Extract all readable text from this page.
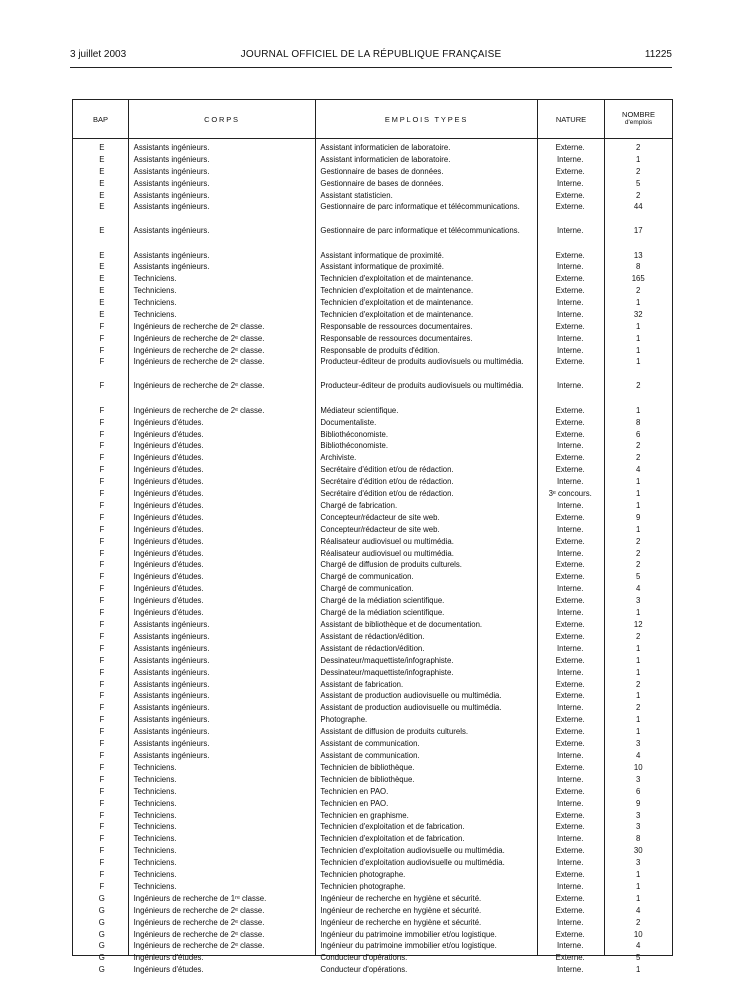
3 juillet 2003	JOURNAL OFFICIEL DE LA RÉPUBLIQUE FRANÇAISE	11225
BAP	CORPS	EMPLOIS TYPES	NATURE	NOMBRE
d'emplois
E	Assistants ingénieurs.	Assistant informaticien de laboratoire.	Externe.	2
E	Assistants ingénieurs.	Assistant informaticien de laboratoire.	Interne.	1
E	Assistants ingénieurs.	Gestionnaire de bases de données.	Externe.	2
E	Assistants ingénieurs.	Gestionnaire de bases de données.	Interne.	5
E	Assistants ingénieurs.	Assistant statisticien.	Externe.	2
E	Assistants ingénieurs.	Gestionnaire de parc informatique et télécommunications.	Externe.	44
E	Assistants ingénieurs.	Gestionnaire de parc informatique et télécommunications.	Interne.	17
E	Assistants ingénieurs.	Assistant informatique de proximité.	Externe.	13
E	Assistants ingénieurs.	Assistant informatique de proximité.	Interne.	8
E	Techniciens.	Technicien d'exploitation et de maintenance.	Externe.	165
E	Techniciens.	Technicien d'exploitation et de maintenance.	Externe.	2
E	Techniciens.	Technicien d'exploitation et de maintenance.	Interne.	1
E	Techniciens.	Technicien d'exploitation et de maintenance.	Interne.	32
F	Ingénieurs de recherche de 2ᵉ classe.	Responsable de ressources documentaires.	Externe.	1
F	Ingénieurs de recherche de 2ᵉ classe.	Responsable de ressources documentaires.	Interne.	1
F	Ingénieurs de recherche de 2ᵉ classe.	Responsable de produits d'édition.	Interne.	1
F	Ingénieurs de recherche de 2ᵉ classe.	Producteur-éditeur de produits audiovisuels ou multimédia.	Externe.	1
F	Ingénieurs de recherche de 2ᵉ classe.	Producteur-éditeur de produits audiovisuels ou multimédia.	Interne.	2
F	Ingénieurs de recherche de 2ᵉ classe.	Médiateur scientifique.	Externe.	1
F	Ingénieurs d'études.	Documentaliste.	Externe.	8
F	Ingénieurs d'études.	Bibliothéconomiste.	Externe.	6
F	Ingénieurs d'études.	Bibliothéconomiste.	Interne.	2
F	Ingénieurs d'études.	Archiviste.	Externe.	2
F	Ingénieurs d'études.	Secrétaire d'édition et/ou de rédaction.	Externe.	4
F	Ingénieurs d'études.	Secrétaire d'édition et/ou de rédaction.	Interne.	1
F	Ingénieurs d'études.	Secrétaire d'édition et/ou de rédaction.	3ᵉ concours.	1
F	Ingénieurs d'études.	Chargé de fabrication.	Interne.	1
F	Ingénieurs d'études.	Concepteur/rédacteur de site web.	Externe.	9
F	Ingénieurs d'études.	Concepteur/rédacteur de site web.	Interne.	1
F	Ingénieurs d'études.	Réalisateur audiovisuel ou multimédia.	Externe.	2
F	Ingénieurs d'études.	Réalisateur audiovisuel ou multimédia.	Interne.	2
F	Ingénieurs d'études.	Chargé de diffusion de produits culturels.	Externe.	2
F	Ingénieurs d'études.	Chargé de communication.	Externe.	5
F	Ingénieurs d'études.	Chargé de communication.	Interne.	4
F	Ingénieurs d'études.	Chargé de la médiation scientifique.	Externe.	3
F	Ingénieurs d'études.	Chargé de la médiation scientifique.	Interne.	1
F	Assistants ingénieurs.	Assistant de bibliothèque et de documentation.	Externe.	12
F	Assistants ingénieurs.	Assistant de rédaction/édition.	Externe.	2
F	Assistants ingénieurs.	Assistant de rédaction/édition.	Interne.	1
F	Assistants ingénieurs.	Dessinateur/maquettiste/infographiste.	Externe.	1
F	Assistants ingénieurs.	Dessinateur/maquettiste/infographiste.	Interne.	1
F	Assistants ingénieurs.	Assistant de fabrication.	Externe.	2
F	Assistants ingénieurs.	Assistant de production audiovisuelle ou multimédia.	Externe.	1
F	Assistants ingénieurs.	Assistant de production audiovisuelle ou multimédia.	Interne.	2
F	Assistants ingénieurs.	Photographe.	Externe.	1
F	Assistants ingénieurs.	Assistant de diffusion de produits culturels.	Externe.	1
F	Assistants ingénieurs.	Assistant de communication.	Externe.	3
F	Assistants ingénieurs.	Assistant de communication.	Interne.	4
F	Techniciens.	Technicien de bibliothèque.	Externe.	10
F	Techniciens.	Technicien de bibliothèque.	Interne.	3
F	Techniciens.	Technicien en PAO.	Externe.	6
F	Techniciens.	Technicien en PAO.	Interne.	9
F	Techniciens.	Technicien en graphisme.	Externe.	3
F	Techniciens.	Technicien d'exploitation et de fabrication.	Externe.	3
F	Techniciens.	Technicien d'exploitation et de fabrication.	Interne.	8
F	Techniciens.	Technicien d'exploitation audiovisuelle ou multimédia.	Externe.	30
F	Techniciens.	Technicien d'exploitation audiovisuelle ou multimédia.	Interne.	3
F	Techniciens.	Technicien photographe.	Externe.	1
F	Techniciens.	Technicien photographe.	Interne.	1
G	Ingénieurs de recherche de 1ʳᵉ classe.	Ingénieur de recherche en hygiène et sécurité.	Externe.	1
G	Ingénieurs de recherche de 2ᵉ classe.	Ingénieur de recherche en hygiène et sécurité.	Externe.	4
G	Ingénieurs de recherche de 2ᵉ classe.	Ingénieur de recherche en hygiène et sécurité.	Interne.	2
G	Ingénieurs de recherche de 2ᵉ classe.	Ingénieur du patrimoine immobilier et/ou logistique.	Externe.	10
G	Ingénieurs de recherche de 2ᵉ classe.	Ingénieur du patrimoine immobilier et/ou logistique.	Interne.	4
G	Ingénieurs d'études.	Conducteur d'opérations.	Externe.	5
G	Ingénieurs d'études.	Conducteur d'opérations.	Interne.	1
